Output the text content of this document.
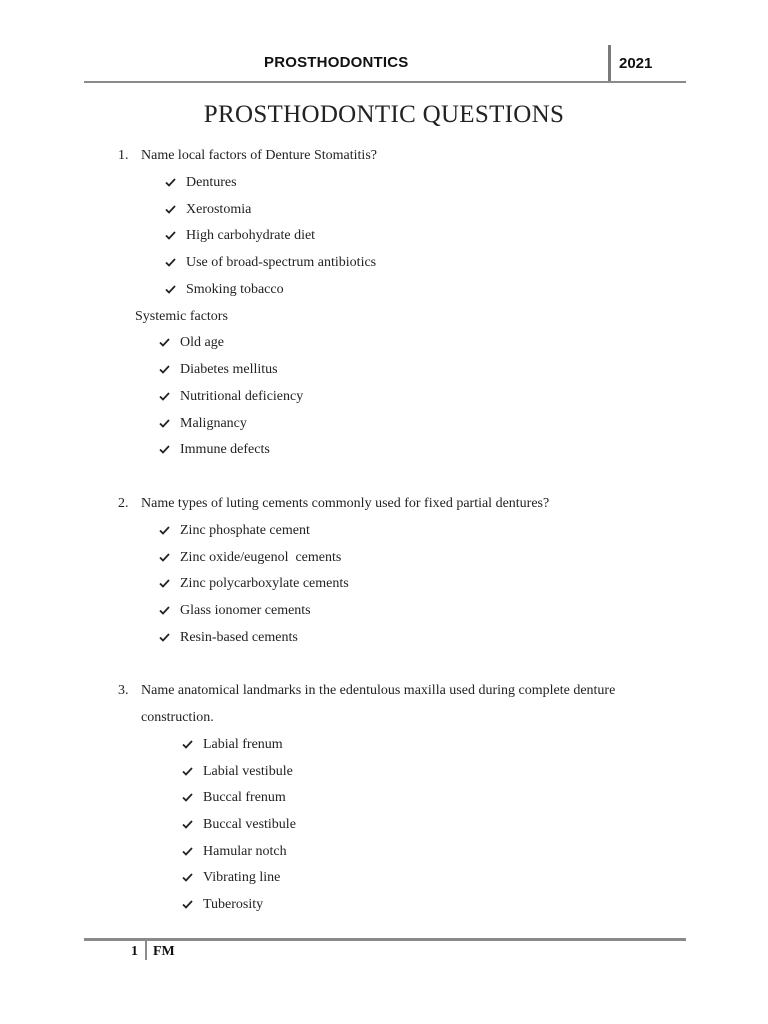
PROSTHODONTICS	2021
PROSTHODONTIC QUESTIONS
1. Name local factors of Denture Stomatitis?
Dentures
Xerostomia
High carbohydrate diet
Use of broad-spectrum antibiotics
Smoking tobacco
Systemic factors
Old age
Diabetes mellitus
Nutritional deficiency
Malignancy
Immune defects
2. Name types of luting cements commonly used for fixed partial dentures?
Zinc phosphate cement
Zinc oxide/eugenol  cements
Zinc polycarboxylate cements
Glass ionomer cements
Resin-based cements
3. Name anatomical landmarks in the edentulous maxilla used during complete denture
construction.
Labial frenum
Labial vestibule
Buccal frenum
Buccal vestibule
Hamular notch
Vibrating line
Tuberosity
1 FM
